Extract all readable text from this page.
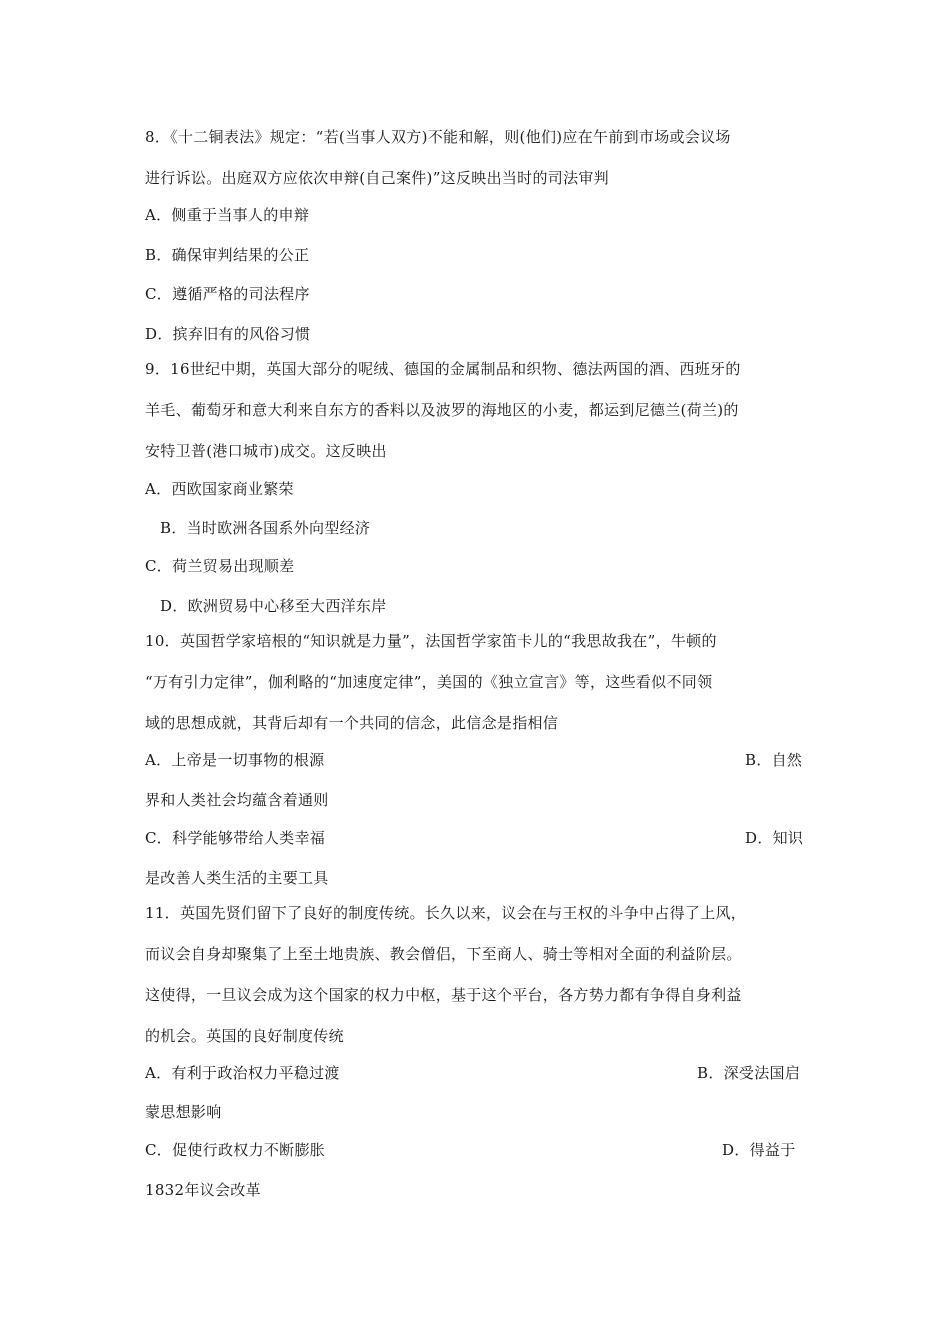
8．《十二铜表法》规定：“若(当事人双方)不能和解，则(他们)应在午前到市场或会议场
进行诉讼。出庭双方应依次申辩(自己案件)”这反映出当时的司法审判
A．侧重于当事人的申辩
B．确保审判结果的公正
C．遵循严格的司法程序
D．摈弃旧有的风俗习惯
9．16世纪中期，英国大部分的呢绒、德国的金属制品和织物、德法两国的酒、西班牙的
羊毛、葡萄牙和意大利来自东方的香料以及波罗的海地区的小麦，都运到尼德兰(荷兰)的
安特卫普(港口城市)成交。这反映出
A．西欧国家商业繁荣
B．当时欧洲各国系外向型经济
C．荷兰贸易出现顺差
D．欧洲贸易中心移至大西洋东岸
10．英国哲学家培根的“知识就是力量”，法国哲学家笛卡儿的“我思故我在”，牛顿的
“万有引力定律”，伽利略的“加速度定律”，美国的《独立宣言》等，这些看似不同领
域的思想成就，其背后却有一个共同的信念，此信念是指相信
A．上帝是一切事物的根源	B．自然
界和人类社会均蕴含着通则
C．科学能够带给人类幸福	D．知识
是改善人类生活的主要工具
11．英国先贤们留下了良好的制度传统。长久以来，议会在与王权的斗争中占得了上风，
而议会自身却聚集了上至土地贵族、教会僧侣，下至商人、骑士等相对全面的利益阶层。
这使得，一旦议会成为这个国家的权力中枢，基于这个平台，各方势力都有争得自身利益
的机会。英国的良好制度传统
A．有利于政治权力平稳过渡	B．深受法国启
蒙思想影响
C．促使行政权力不断膨胀	D．得益于
1832年议会改革
